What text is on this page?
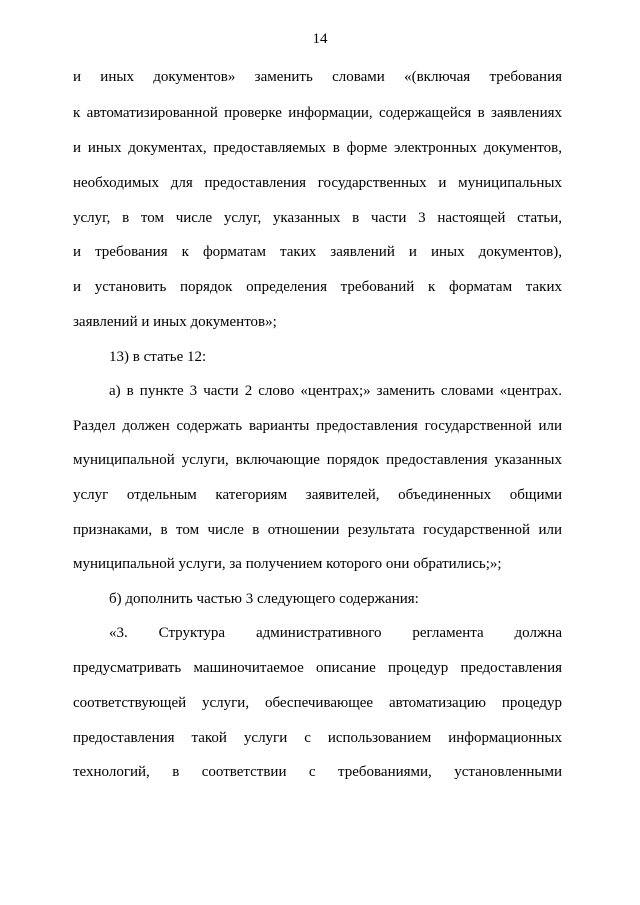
14
и иных документов» заменить словами «(включая требования
к автоматизированной проверке информации, содержащейся в заявлениях
и иных документах, предоставляемых в форме электронных документов,
необходимых для предоставления государственных и муниципальных
услуг, в том числе услуг, указанных в части 3 настоящей статьи,
и требования к форматам таких заявлений и иных документов),
и установить порядок определения требований к форматам таких
заявлений и иных документов»;
13) в статье 12:
а) в пункте 3 части 2 слово «центрах;» заменить словами «центрах.
Раздел должен содержать варианты предоставления государственной или
муниципальной услуги, включающие порядок предоставления указанных
услуг отдельным категориям заявителей, объединенных общими
признаками, в том числе в отношении результата государственной или
муниципальной услуги, за получением которого они обратились;»;
б) дополнить частью 3 следующего содержания:
«3. Структура административного регламента должна
предусматривать машиночитаемое описание процедур предоставления
соответствующей услуги, обеспечивающее автоматизацию процедур
предоставления такой услуги с использованием информационных
технологий, в соответствии с требованиями, установленными
